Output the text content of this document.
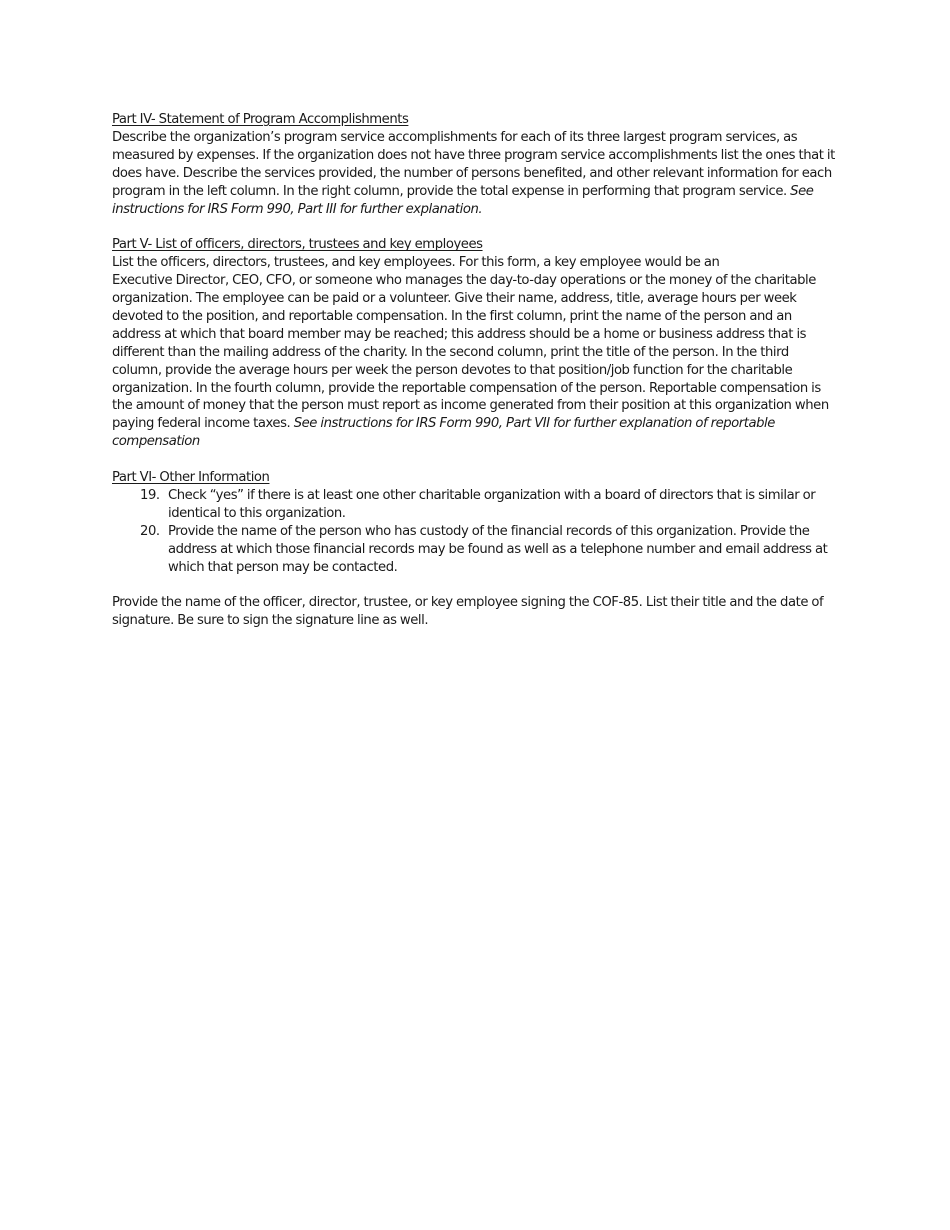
Part IV- Statement of Program Accomplishments

Describe the organization’s program service accomplishments for each of its three largest program services, as measured by expenses. If the organization does not have three program service accomplishments list the ones that it does have. Describe the services provided, the number of persons benefited, and other relevant information for each program in the left column. In the right column, provide the total expense in performing that program service. See instructions for IRS Form 990, Part III for further explanation.

Part V- List of officers, directors, trustees and key employees

List the officers, directors, trustees, and key employees. For this form, a key employee would be an

Executive Director, CEO, CFO, or someone who manages the day-to-day operations or the money of the charitable organization. The employee can be paid or a volunteer. Give their name, address, title, average hours per week devoted to the position, and reportable compensation. In the first column, print the name of the person and an address at which that board member may be reached; this address should be a home or business address that is different than the mailing address of the charity. In the second column, print the title of the person. In the third column, provide the average hours per week the person devotes to that position/job function for the charitable organization. In the fourth column, provide the reportable compensation of the person. Reportable compensation is the amount of money that the person must report as income generated from their position at this organization when paying federal income taxes. See instructions for IRS Form 990, Part VII for further explanation of reportable compensation

Part VI- Other Information

19. Check “yes” if there is at least one other charitable organization with a board of directors that is similar or identical to this organization.
20. Provide the name of the person who has custody of the financial records of this organization. Provide the address at which those financial records may be found as well as a telephone number and email address at which that person may be contacted.

Provide the name of the officer, director, trustee, or key employee signing the COF-85. List their title and the date of signature. Be sure to sign the signature line as well.
